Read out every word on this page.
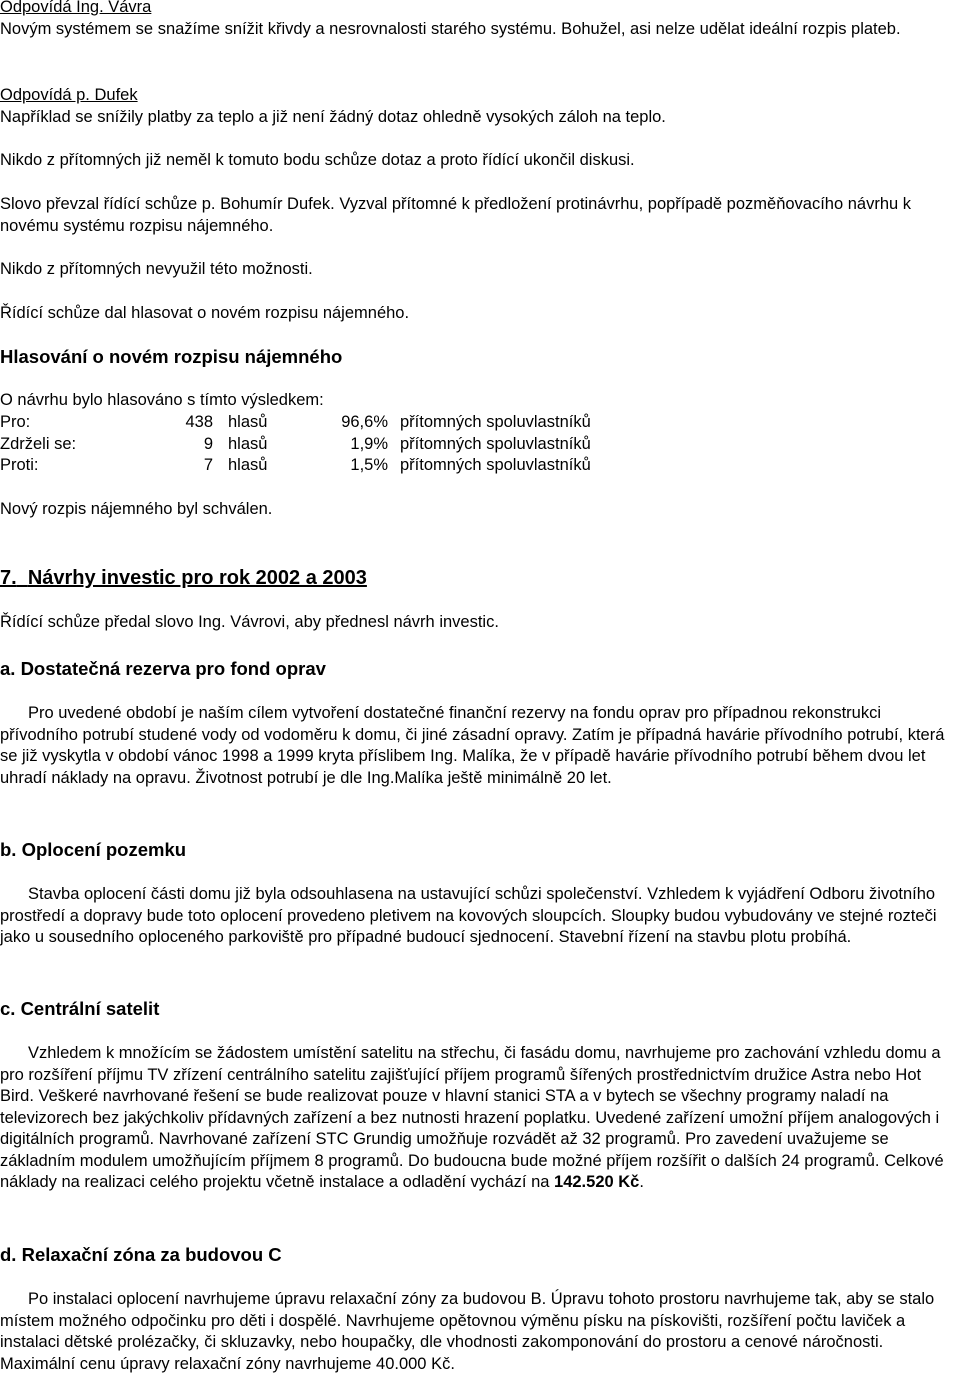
Odpovídá Ing. Vávra
Novým systémem se snažíme snížit křivdy a nesrovnalosti starého systému. Bohužel, asi nelze udělat ideální rozpis plateb.

Odpovídá p. Dufek
Například se snížily platby za teplo a již není žádný dotaz ohledně vysokých záloh na teplo.

Nikdo z přítomných již neměl k tomuto bodu schůze dotaz a proto řídící ukončil diskusi.

Slovo převzal řídící schůze p. Bohumír Dufek. Vyzval přítomné k předložení protinávrhu, popřípadě pozměňovacího návrhu k novému systému rozpisu nájemného.

Nikdo z přítomných nevyužil této možnosti.

Řídící schůze dal hlasovat o novém rozpisu nájemného.

Hlasování o novém rozpisu nájemného

O návrhu bylo hlasováno s tímto výsledkem:

Pro:	438	hlasů	96,6%	přítomných spoluvlastníků
Zdrželi se:	9	hlasů	1,9%	přítomných spoluvlastníků
Proti:	7	hlasů	1,5%	přítomných spoluvlastníků

Nový rozpis nájemného byl schválen.

7. Návrhy investic pro rok 2002 a 2003

Řídící schůze předal slovo Ing. Vávrovi, aby přednesl návrh investic.

a. Dostatečná rezerva pro fond oprav

Pro uvedené období je naším cílem vytvoření dostatečné finanční rezervy na fondu oprav pro případnou rekonstrukci přívodního potrubí studené vody od vodoměru k domu, či jiné zásadní opravy. Zatím je případná havárie přívodního potrubí, která se již vyskytla v období vánoc 1998 a 1999 kryta příslibem Ing. Malíka, že v případě havárie přívodního potrubí během dvou let uhradí náklady na opravu. Životnost potrubí je dle Ing.Malíka ještě minimálně 20 let.

b. Oplocení pozemku

Stavba oplocení části domu již byla odsouhlasena na ustavující schůzi společenství. Vzhledem k vyjádření Odboru životního prostředí a dopravy bude toto oplocení provedeno pletivem na kovových sloupcích. Sloupky budou vybudovány ve stejné rozteči jako u sousedního oploceného parkoviště pro případné budoucí sjednocení. Stavební řízení na stavbu plotu probíhá.

c. Centrální satelit

Vzhledem k množícím se žádostem umístění satelitu na střechu, či fasádu domu, navrhujeme pro zachování vzhledu domu a pro rozšíření příjmu TV zřízení centrálního satelitu zajišťující příjem programů šířených prostřednictvím družice Astra nebo Hot Bird. Veškeré navrhované řešení se bude realizovat pouze v hlavní stanici STA a v bytech se všechny programy naladí na televizorech bez jakýchkoliv přídavných zařízení a bez nutnosti hrazení poplatku. Uvedené zařízení umožní příjem analogových i digitálních programů. Navrhované zařízení STC Grundig umožňuje rozvádět až 32 programů. Pro zavedení uvažujeme se základním modulem umožňujícím příjmem 8 programů. Do budoucna bude možné příjem rozšířit o dalších 24 programů. Celkové náklady na realizaci celého projektu včetně instalace a odladění vychází na 142.520 Kč.

d. Relaxační zóna za budovou C

Po instalaci oplocení navrhujeme úpravu relaxační zóny za budovou B. Úpravu tohoto prostoru navrhujeme tak, aby se stalo místem možného odpočinku pro děti i dospělé. Navrhujeme opětovnou výměnu písku na pískovišti, rozšíření počtu laviček a instalaci dětské prolézačky, či skluzavky, nebo houpačky, dle vhodnosti zakomponování do prostoru a cenové náročnosti. Maximální cenu úpravy relaxační zóny navrhujeme 40.000 Kč.
